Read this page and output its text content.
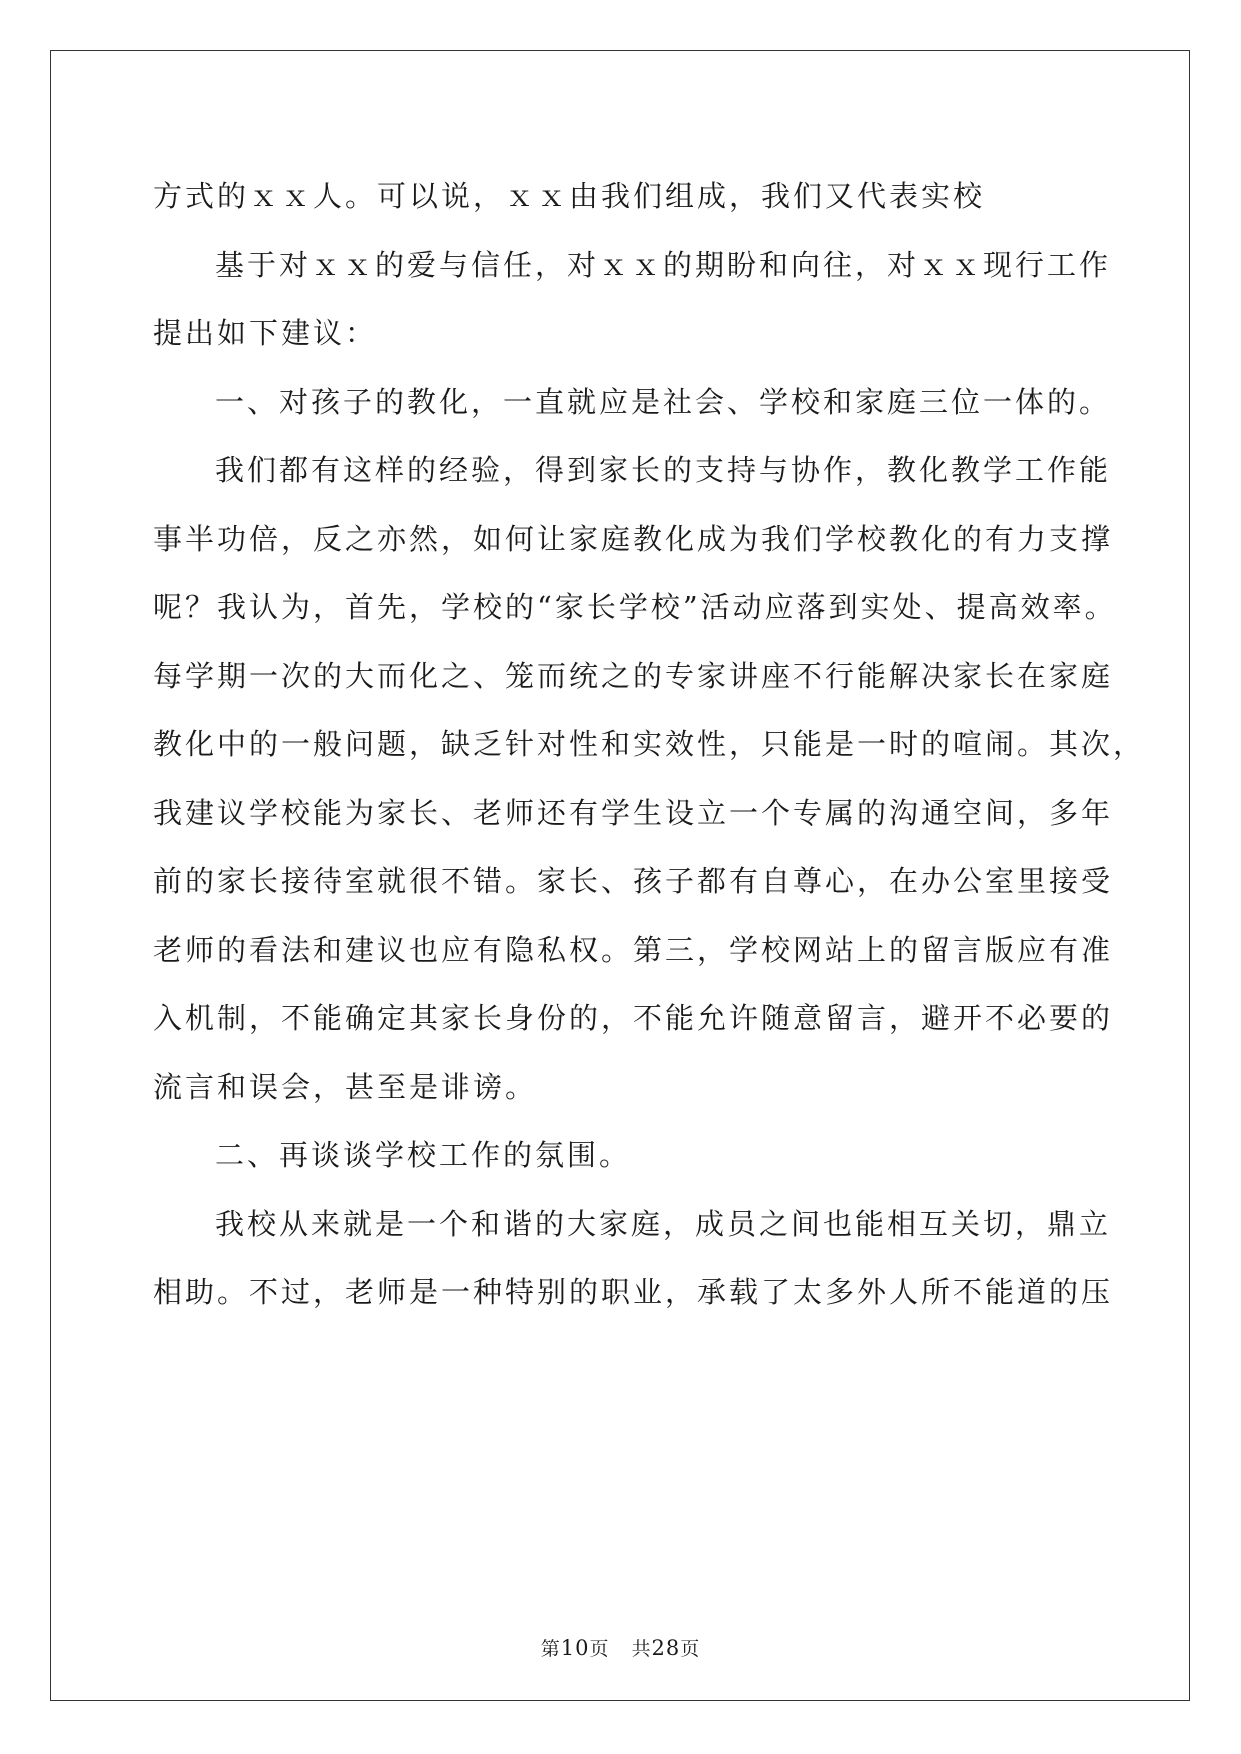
方式的ｘｘ人。可以说，ｘｘ由我们组成，我们又代表实校
基于对ｘｘ的爱与信任，对ｘｘ的期盼和向往，对ｘｘ现行工作
提出如下建议：
一、对孩子的教化，一直就应是社会、学校和家庭三位一体的。
我们都有这样的经验，得到家长的支持与协作，教化教学工作能
事半功倍，反之亦然，如何让家庭教化成为我们学校教化的有力支撑
呢？我认为，首先，学校的“家长学校”活动应落到实处、提高效率。
每学期一次的大而化之、笼而统之的专家讲座不行能解决家长在家庭
教化中的一般问题，缺乏针对性和实效性，只能是一时的喧闹。其次，
我建议学校能为家长、老师还有学生设立一个专属的沟通空间，多年
前的家长接待室就很不错。家长、孩子都有自尊心，在办公室里接受
老师的看法和建议也应有隐私权。第三，学校网站上的留言版应有准
入机制，不能确定其家长身份的，不能允许随意留言，避开不必要的
流言和误会，甚至是诽谤。
二、再谈谈学校工作的氛围。
我校从来就是一个和谐的大家庭，成员之间也能相互关切，鼎立
相助。不过，老师是一种特别的职业，承载了太多外人所不能道的压
第10页 共28页
